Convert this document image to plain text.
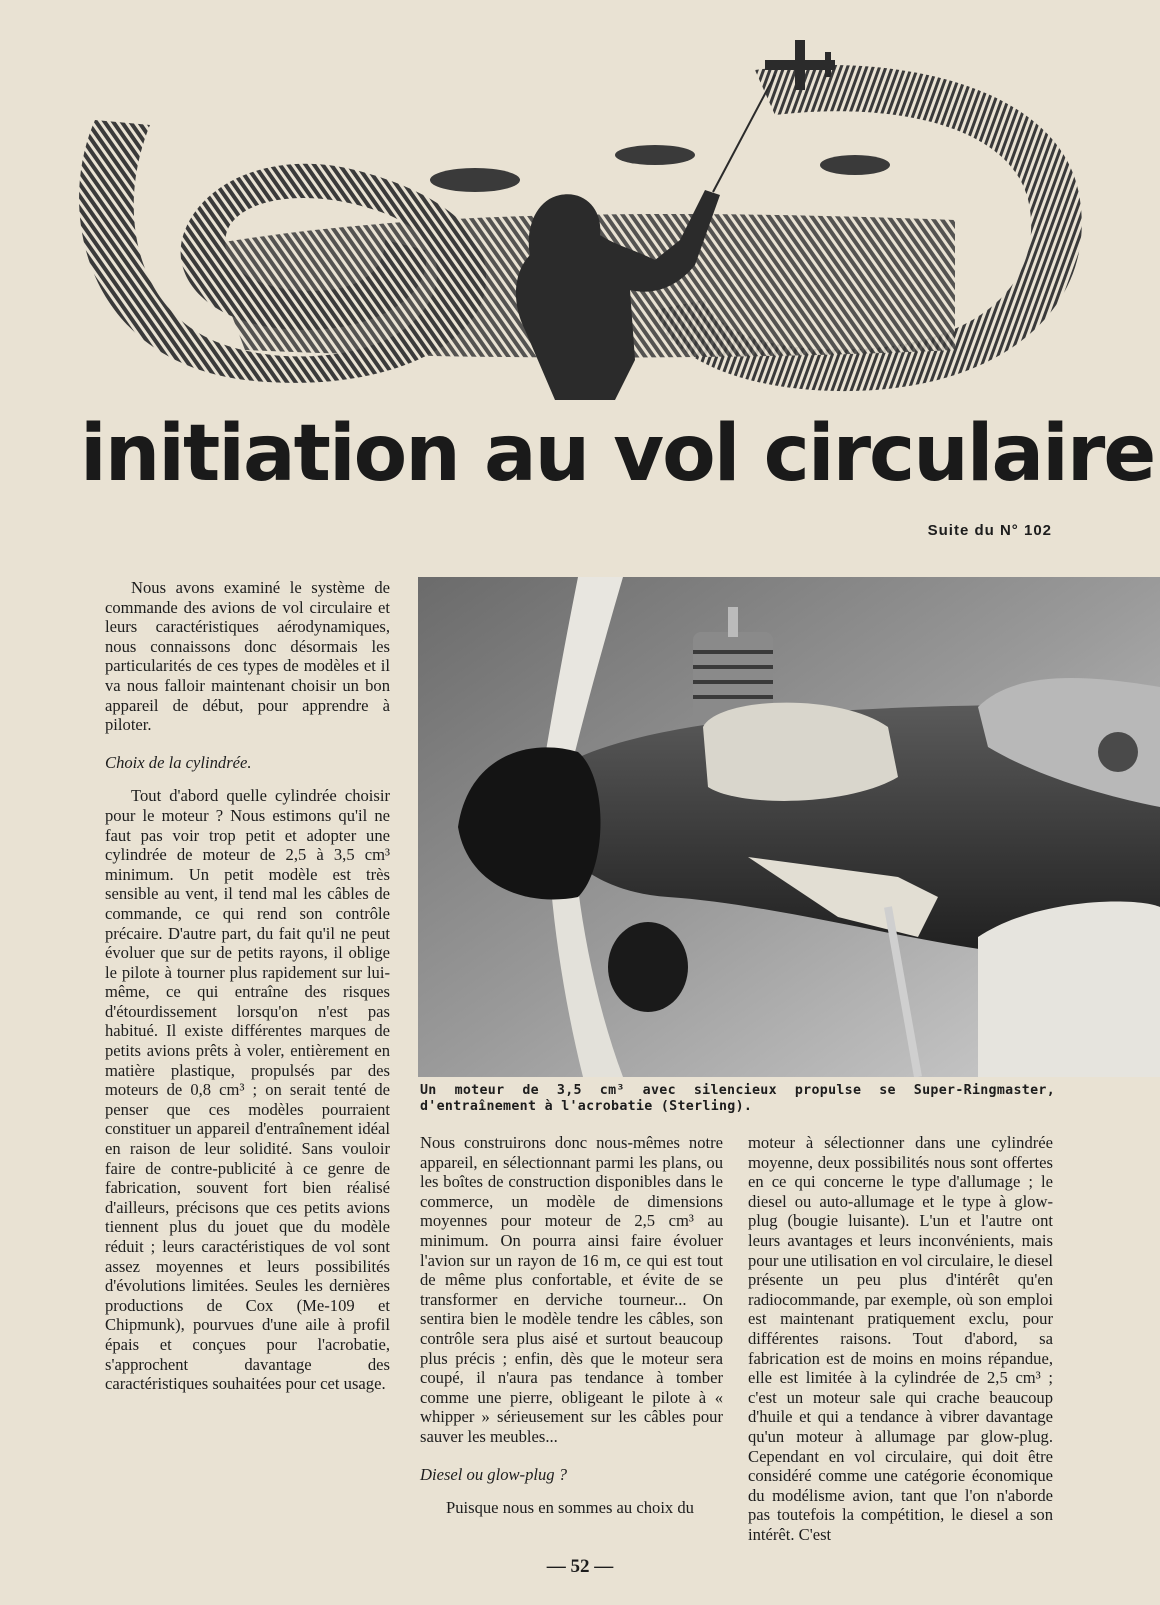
initiation au vol circulaire
Suite du N° 102

Nous avons examiné le système de commande des avions de vol circulaire et leurs caractéristiques aérodynamiques, nous connaissons donc désormais les particularités de ces types de modèles et il va nous falloir maintenant choisir un bon appareil de début, pour apprendre à piloter.

Choix de la cylindrée.

Tout d'abord quelle cylindrée choisir pour le moteur ? Nous estimons qu'il ne faut pas voir trop petit et adopter une cylindrée de moteur de 2,5 à 3,5 cm³ minimum. Un petit modèle est très sensible au vent, il tend mal les câbles de commande, ce qui rend son contrôle précaire. D'autre part, du fait qu'il ne peut évoluer que sur de petits rayons, il oblige le pilote à tourner plus rapidement sur lui-même, ce qui entraîne des risques d'étourdissement lorsqu'on n'est pas habitué. Il existe différentes marques de petits avions prêts à voler, entièrement en matière plastique, propulsés par des moteurs de 0,8 cm³ ; on serait tenté de penser que ces modèles pourraient constituer un appareil d'entraînement idéal en raison de leur solidité. Sans vouloir faire de contre-publicité à ce genre de fabrication, souvent fort bien réalisé d'ailleurs, précisons que ces petits avions tiennent plus du jouet que du modèle réduit ; leurs caractéristiques de vol sont assez moyennes et leurs possibilités d'évolutions limitées. Seules les dernières productions de Cox (Me-109 et Chipmunk), pourvues d'une aile à profil épais et conçues pour l'acrobatie, s'approchent davantage des caractéristiques souhaitées pour cet usage.

Un moteur de 3,5 cm³ avec silencieux propulse se Super-Ringmaster, d'entraînement à l'acrobatie (Sterling).

Nous construirons donc nous-mêmes notre appareil, en sélectionnant parmi les plans, ou les boîtes de construction disponibles dans le commerce, un modèle de dimensions moyennes pour moteur de 2,5 cm³ au minimum. On pourra ainsi faire évoluer l'avion sur un rayon de 16 m, ce qui est tout de même plus confortable, et évite de se transformer en derviche tourneur... On sentira bien le modèle tendre les câbles, son contrôle sera plus aisé et surtout beaucoup plus précis ; enfin, dès que le moteur sera coupé, il n'aura pas tendance à tomber comme une pierre, obligeant le pilote à « whipper » sérieusement sur les câbles pour sauver les meubles...

Diesel ou glow-plug ?

Puisque nous en sommes au choix du

moteur à sélectionner dans une cylindrée moyenne, deux possibilités nous sont offertes en ce qui concerne le type d'allumage ; le diesel ou auto-allumage et le type à glow-plug (bougie luisante). L'un et l'autre ont leurs avantages et leurs inconvénients, mais pour une utilisation en vol circulaire, le diesel présente un peu plus d'intérêt qu'en radiocommande, par exemple, où son emploi est maintenant pratiquement exclu, pour différentes raisons. Tout d'abord, sa fabrication est de moins en moins répandue, elle est limitée à la cylindrée de 2,5 cm³ ; c'est un moteur sale qui crache beaucoup d'huile et qui a tendance à vibrer davantage qu'un moteur à allumage par glow-plug. Cependant en vol circulaire, qui doit être considéré comme une catégorie économique du modélisme avion, tant que l'on n'aborde pas toutefois la compétition, le diesel a son intérêt. C'est

— 52 —
